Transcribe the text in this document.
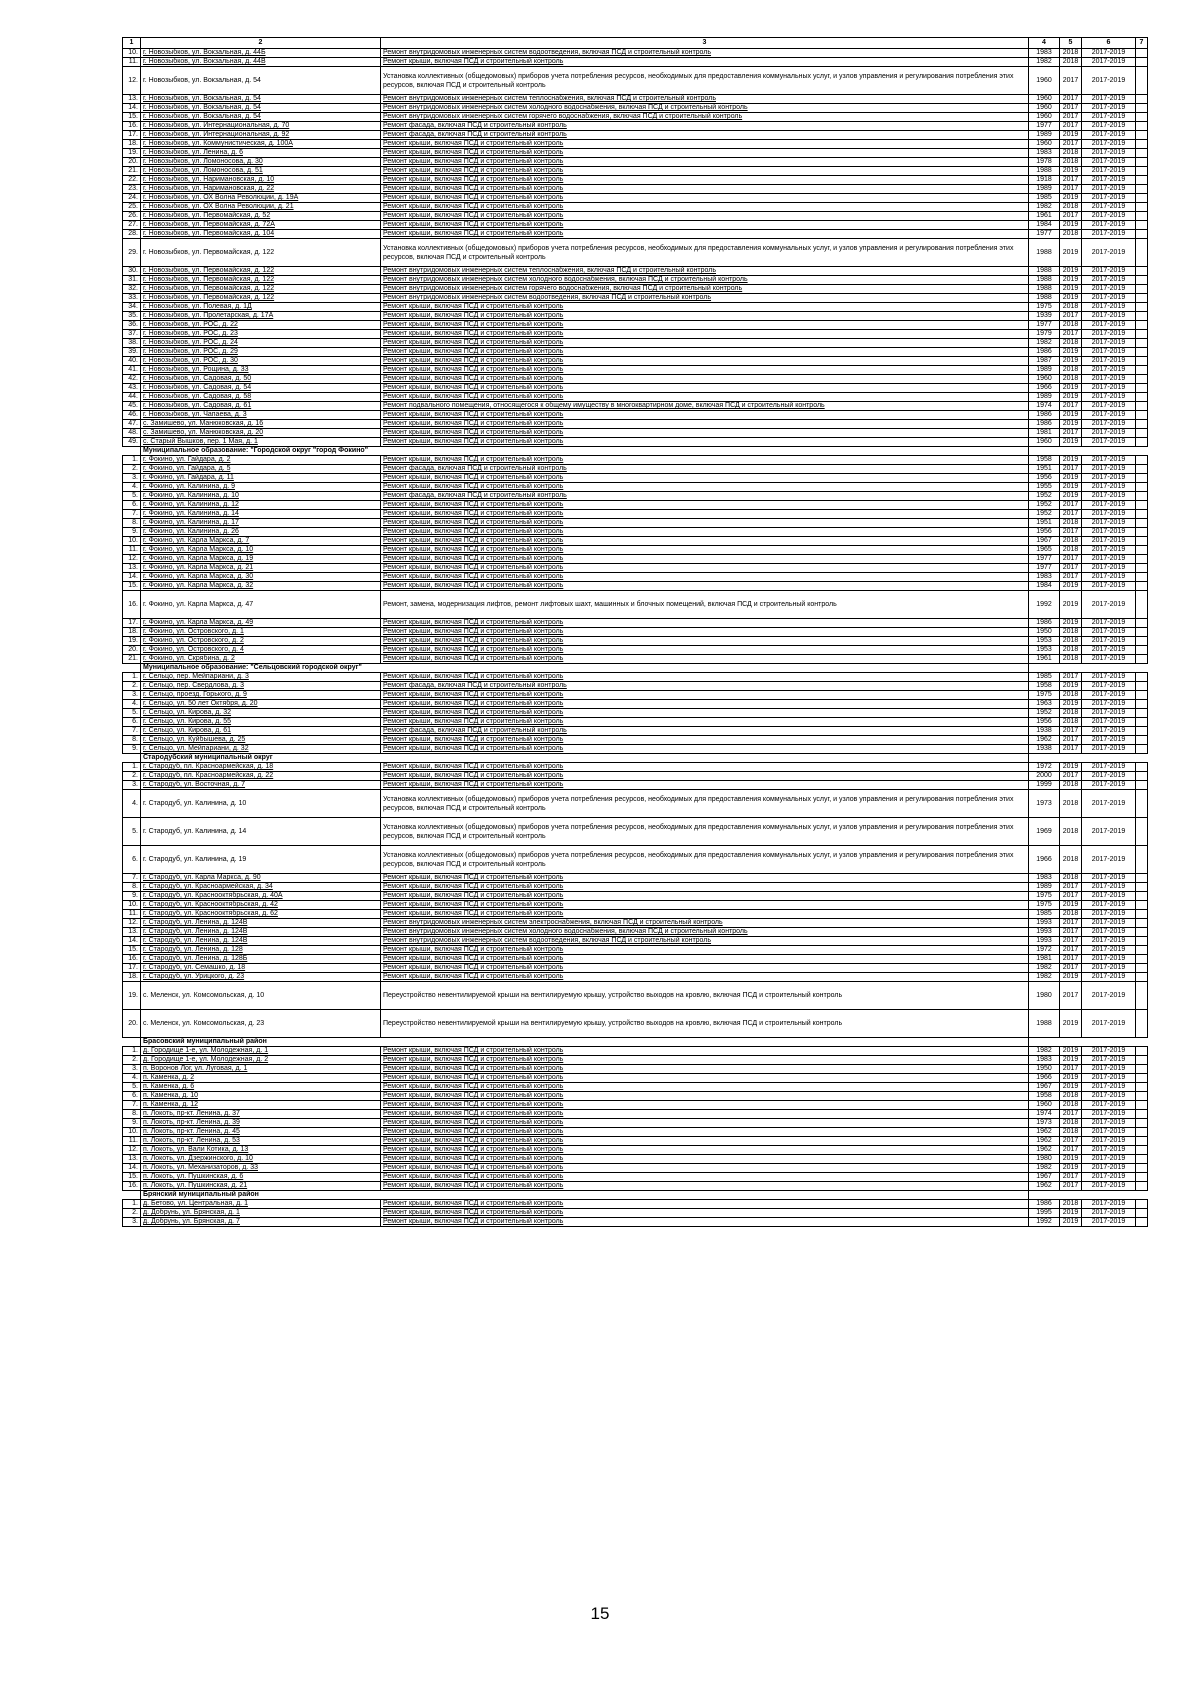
1	2	3	4	5	6	7
10.	г. Новозыбков, ул. Вокзальная, д. 44Б	Ремонт внутридомовых инженерных систем водоотведения, включая ПСД и строительный контроль	1983	2018	2017-2019	
11.	г. Новозыбков, ул. Вокзальная, д. 44В	Ремонт крыши, включая ПСД и строительный контроль	1982	2018	2017-2019	
12.	г. Новозыбков, ул. Вокзальная, д. 54	Установка коллективных (общедомовых) приборов учета потребления ресурсов, необходимых для предоставления коммунальных услуг, и узлов управления и регулирования потребления этих ресурсов, включая ПСД и строительный контроль	1960	2017	2017-2019	
13.	г. Новозыбков, ул. Вокзальная, д. 54	Ремонт внутридомовых инженерных систем теплоснабжения, включая ПСД и строительный контроль	1960	2017	2017-2019	
14.	г. Новозыбков, ул. Вокзальная, д. 54	Ремонт внутридомовых инженерных систем холодного водоснабжения, включая ПСД и строительный контроль	1960	2017	2017-2019	
15.	г. Новозыбков, ул. Вокзальная, д. 54	Ремонт внутридомовых инженерных систем горячего водоснабжения, включая ПСД и строительный контроль	1960	2017	2017-2019	
16.	г. Новозыбков, ул. Интернациональная, д. 70	Ремонт фасада, включая ПСД и строительный контроль	1977	2017	2017-2019	
17.	г. Новозыбков, ул. Интернациональная, д. 92	Ремонт фасада, включая ПСД и строительный контроль	1989	2019	2017-2019	
18.	г. Новозыбков, ул. Коммунистическая, д. 100А	Ремонт крыши, включая ПСД и строительный контроль	1960	2017	2017-2019	
19.	г. Новозыбков, ул. Ленина, д. 6	Ремонт крыши, включая ПСД и строительный контроль	1983	2018	2017-2019	
20.	г. Новозыбков, ул. Ломоносова, д. 30	Ремонт крыши, включая ПСД и строительный контроль	1978	2018	2017-2019	
21.	г. Новозыбков, ул. Ломоносова, д. 51	Ремонт крыши, включая ПСД и строительный контроль	1988	2019	2017-2019	
22.	г. Новозыбков, ул. Наримановская, д. 10	Ремонт крыши, включая ПСД и строительный контроль	1918	2017	2017-2019	
23.	г. Новозыбков, ул. Наримановская, д. 22	Ремонт крыши, включая ПСД и строительный контроль	1989	2017	2017-2019	
24.	г. Новозыбков, ул. ОХ Волна Революции, д. 19А	Ремонт крыши, включая ПСД и строительный контроль	1985	2019	2017-2019	
25.	г. Новозыбков, ул. ОХ Волна Революции, д. 21	Ремонт крыши, включая ПСД и строительный контроль	1982	2018	2017-2019	
26.	г. Новозыбков, ул. Первомайская, д. 52	Ремонт крыши, включая ПСД и строительный контроль	1961	2017	2017-2019	
27.	г. Новозыбков, ул. Первомайская, д. 72А	Ремонт крыши, включая ПСД и строительный контроль	1984	2019	2017-2019	
28.	г. Новозыбков, ул. Первомайская, д. 104	Ремонт крыши, включая ПСД и строительный контроль	1977	2018	2017-2019	
29.	г. Новозыбков, ул. Первомайская, д. 122	Установка коллективных (общедомовых) приборов учета потребления ресурсов, необходимых для предоставления коммунальных услуг, и узлов управления и регулирования потребления этих ресурсов, включая ПСД и строительный контроль	1988	2019	2017-2019	
30.	г. Новозыбков, ул. Первомайская, д. 122	Ремонт внутридомовых инженерных систем теплоснабжения, включая ПСД и строительный контроль	1988	2019	2017-2019	
31.	г. Новозыбков, ул. Первомайская, д. 122	Ремонт внутридомовых инженерных систем холодного водоснабжения, включая ПСД и строительный контроль	1988	2019	2017-2019	
32.	г. Новозыбков, ул. Первомайская, д. 122	Ремонт внутридомовых инженерных систем горячего водоснабжения, включая ПСД и строительный контроль	1988	2019	2017-2019	
33.	г. Новозыбков, ул. Первомайская, д. 122	Ремонт внутридомовых инженерных систем водоотведения, включая ПСД и строительный контроль	1988	2019	2017-2019	
34.	г. Новозыбков, ул. Полевая, д. 1Д	Ремонт крыши, включая ПСД и строительный контроль	1975	2018	2017-2019	
35.	г. Новозыбков, ул. Пролетарская, д. 17А	Ремонт крыши, включая ПСД и строительный контроль	1939	2017	2017-2019	
36.	г. Новозыбков, ул. РОС, д. 22	Ремонт крыши, включая ПСД и строительный контроль	1977	2018	2017-2019	
37.	г. Новозыбков, ул. РОС, д. 23	Ремонт крыши, включая ПСД и строительный контроль	1979	2017	2017-2019	
38.	г. Новозыбков, ул. РОС, д. 24	Ремонт крыши, включая ПСД и строительный контроль	1982	2018	2017-2019	
39.	г. Новозыбков, ул. РОС, д. 29	Ремонт крыши, включая ПСД и строительный контроль	1986	2019	2017-2019	
40.	г. Новозыбков, ул. РОС, д. 30	Ремонт крыши, включая ПСД и строительный контроль	1987	2019	2017-2019	
41.	г. Новозыбков, ул. Рощина, д. 33	Ремонт крыши, включая ПСД и строительный контроль	1989	2018	2017-2019	
42.	г. Новозыбков, ул. Садовая, д. 50	Ремонт крыши, включая ПСД и строительный контроль	1960	2018	2017-2019	
43.	г. Новозыбков, ул. Садовая, д. 54	Ремонт крыши, включая ПСД и строительный контроль	1966	2019	2017-2019	
44.	г. Новозыбков, ул. Садовая, д. 58	Ремонт крыши, включая ПСД и строительный контроль	1989	2019	2017-2019	
45.	г. Новозыбков, ул. Садовая, д. 61	Ремонт подвального помещения, относящегося к общему имуществу в многоквартирном доме, включая ПСД и строительный контроль	1974	2017	2017-2019	
46.	г. Новозыбков, ул. Чапаева, д. 3	Ремонт крыши, включая ПСД и строительный контроль	1986	2019	2017-2019	
47.	с. Замишево, ул. Манюковская, д. 16	Ремонт крыши, включая ПСД и строительный контроль	1986	2019	2017-2019	
48.	с. Замишево, ул. Манюковская, д. 20	Ремонт крыши, включая ПСД и строительный контроль	1981	2017	2017-2019	
49.	с. Старый Вышков, пер. 1 Мая, д. 1	Ремонт крыши, включая ПСД и строительный контроль	1960	2019	2017-2019	
	Муниципальное образование: "Городской округ "город Фокино"					
1.	г. Фокино, ул. Гайдара, д. 2	Ремонт крыши, включая ПСД и строительный контроль	1958	2019	2017-2019	
2.	г. Фокино, ул. Гайдара, д. 5	Ремонт фасада, включая ПСД и строительный контроль	1951	2017	2017-2019	
3.	г. Фокино, ул. Гайдара, д. 11	Ремонт крыши, включая ПСД и строительный контроль	1956	2019	2017-2019	
4.	г. Фокино, ул. Калинина, д. 9	Ремонт крыши, включая ПСД и строительный контроль	1955	2019	2017-2019	
5.	г. Фокино, ул. Калинина, д. 10	Ремонт фасада, включая ПСД и строительный контроль	1952	2019	2017-2019	
6.	г. Фокино, ул. Калинина, д. 12	Ремонт крыши, включая ПСД и строительный контроль	1952	2017	2017-2019	
7.	г. Фокино, ул. Калинина, д. 14	Ремонт крыши, включая ПСД и строительный контроль	1952	2017	2017-2019	
8.	г. Фокино, ул. Калинина, д. 17	Ремонт крыши, включая ПСД и строительный контроль	1951	2018	2017-2019	
9.	г. Фокино, ул. Калинина, д. 26	Ремонт крыши, включая ПСД и строительный контроль	1956	2017	2017-2019	
10.	г. Фокино, ул. Карла Маркса, д. 7	Ремонт крыши, включая ПСД и строительный контроль	1967	2018	2017-2019	
11.	г. Фокино, ул. Карла Маркса, д. 10	Ремонт крыши, включая ПСД и строительный контроль	1965	2018	2017-2019	
12.	г. Фокино, ул. Карла Маркса, д. 19	Ремонт крыши, включая ПСД и строительный контроль	1977	2017	2017-2019	
13.	г. Фокино, ул. Карла Маркса, д. 21	Ремонт крыши, включая ПСД и строительный контроль	1977	2017	2017-2019	
14.	г. Фокино, ул. Карла Маркса, д. 30	Ремонт крыши, включая ПСД и строительный контроль	1983	2017	2017-2019	
15.	г. Фокино, ул. Карла Маркса, д. 32	Ремонт крыши, включая ПСД и строительный контроль	1984	2019	2017-2019	
16.	г. Фокино, ул. Карла Маркса, д. 47	Ремонт, замена, модернизация лифтов, ремонт лифтовых шахт, машинных и блочных помещений, включая ПСД и строительный контроль	1992	2019	2017-2019	
17.	г. Фокино, ул. Карла Маркса, д. 49	Ремонт крыши, включая ПСД и строительный контроль	1986	2019	2017-2019	
18.	г. Фокино, ул. Островского, д. 1	Ремонт крыши, включая ПСД и строительный контроль	1950	2018	2017-2019	
19.	г. Фокино, ул. Островского, д. 2	Ремонт крыши, включая ПСД и строительный контроль	1953	2018	2017-2019	
20.	г. Фокино, ул. Островского, д. 4	Ремонт крыши, включая ПСД и строительный контроль	1953	2018	2017-2019	
21.	г. Фокино, ул. Скрябина, д. 2	Ремонт крыши, включая ПСД и строительный контроль	1961	2018	2017-2019	
	Муниципальное образование: "Сельцовский городской округ"					
1.	г. Сельцо, пер. Мейпариани, д. 3	Ремонт крыши, включая ПСД и строительный контроль	1985	2017	2017-2019	
2.	г. Сельцо, пер. Свердлова, д. 3	Ремонт фасада, включая ПСД и строительный контроль	1958	2019	2017-2019	
3.	г. Сельцо, проезд. Горького, д. 9	Ремонт крыши, включая ПСД и строительный контроль	1975	2018	2017-2019	
4.	г. Сельцо, ул. 50 лет Октября, д. 20	Ремонт крыши, включая ПСД и строительный контроль	1963	2019	2017-2019	
5.	г. Сельцо, ул. Кирова, д. 32	Ремонт крыши, включая ПСД и строительный контроль	1952	2018	2017-2019	
6.	г. Сельцо, ул. Кирова, д. 55	Ремонт крыши, включая ПСД и строительный контроль	1956	2018	2017-2019	
7.	г. Сельцо, ул. Кирова, д. 61	Ремонт фасада, включая ПСД и строительный контроль	1938	2017	2017-2019	
8.	г. Сельцо, ул. Куйбышева, д. 25	Ремонт крыши, включая ПСД и строительный контроль	1962	2017	2017-2019	
9.	г. Сельцо, ул. Мейпариани, д. 32	Ремонт крыши, включая ПСД и строительный контроль	1938	2017	2017-2019	
	Стародубский муниципальный округ					
1.	г. Стародуб, пл. Красноармейская, д. 18	Ремонт крыши, включая ПСД и строительный контроль	1972	2019	2017-2019	
2.	г. Стародуб, пл. Красноармейская, д. 22	Ремонт крыши, включая ПСД и строительный контроль	2000	2017	2017-2019	
3.	г. Стародуб, ул. Восточная, д. 7	Ремонт крыши, включая ПСД и строительный контроль	1999	2018	2017-2019	
4.	г. Стародуб, ул. Калинина, д. 10	Установка коллективных (общедомовых) приборов учета потребления ресурсов, необходимых для предоставления коммунальных услуг, и узлов управления и регулирования потребления этих ресурсов, включая ПСД и строительный контроль	1973	2018	2017-2019	
5.	г. Стародуб, ул. Калинина, д. 14	Установка коллективных (общедомовых) приборов учета потребления ресурсов, необходимых для предоставления коммунальных услуг, и узлов управления и регулирования потребления этих ресурсов, включая ПСД и строительный контроль	1969	2018	2017-2019	
6.	г. Стародуб, ул. Калинина, д. 19	Установка коллективных (общедомовых) приборов учета потребления ресурсов, необходимых для предоставления коммунальных услуг, и узлов управления и регулирования потребления этих ресурсов, включая ПСД и строительный контроль	1966	2018	2017-2019	
7.	г. Стародуб, ул. Карла Маркса, д. 90	Ремонт крыши, включая ПСД и строительный контроль	1983	2018	2017-2019	
8.	г. Стародуб, ул. Красноармейская, д. 34	Ремонт крыши, включая ПСД и строительный контроль	1989	2017	2017-2019	
9.	г. Стародуб, ул. Краснооктябрьская, д. 40А	Ремонт крыши, включая ПСД и строительный контроль	1975	2017	2017-2019	
10.	г. Стародуб, ул. Краснооктябрьская, д. 42	Ремонт крыши, включая ПСД и строительный контроль	1975	2019	2017-2019	
11.	г. Стародуб, ул. Краснооктябрьская, д. 62	Ремонт крыши, включая ПСД и строительный контроль	1985	2018	2017-2019	
12.	г. Стародуб, ул. Ленина, д. 124В	Ремонт внутридомовых инженерных систем электроснабжения, включая ПСД и строительный контроль	1993	2017	2017-2019	
13.	г. Стародуб, ул. Ленина, д. 124В	Ремонт внутридомовых инженерных систем холодного водоснабжения, включая ПСД и строительный контроль	1993	2017	2017-2019	
14.	г. Стародуб, ул. Ленина, д. 124В	Ремонт внутридомовых инженерных систем водоотведения, включая ПСД и строительный контроль	1993	2017	2017-2019	
15.	г. Стародуб, ул. Ленина, д. 128	Ремонт крыши, включая ПСД и строительный контроль	1972	2017	2017-2019	
16.	г. Стародуб, ул. Ленина, д. 128Б	Ремонт крыши, включая ПСД и строительный контроль	1981	2017	2017-2019	
17.	г. Стародуб, ул. Семашко, д. 18	Ремонт крыши, включая ПСД и строительный контроль	1982	2017	2017-2019	
18.	г. Стародуб, ул. Урицкого, д. 23	Ремонт крыши, включая ПСД и строительный контроль	1982	2019	2017-2019	
19.	с. Меленск, ул. Комсомольская, д. 10	Переустройство невентилируемой крыши на вентилируемую крышу, устройство выходов на кровлю, включая ПСД и строительный контроль	1980	2017	2017-2019	
20.	с. Меленск, ул. Комсомольская, д. 23	Переустройство невентилируемой крыши на вентилируемую крышу, устройство выходов на кровлю, включая ПСД и строительный контроль	1988	2019	2017-2019	
	Брасовский муниципальный район					
1.	д. Городище 1-е, ул. Молодежная, д. 1	Ремонт крыши, включая ПСД и строительный контроль	1982	2019	2017-2019	
2.	д. Городище 1-е, ул. Молодежная, д. 2	Ремонт крыши, включая ПСД и строительный контроль	1983	2019	2017-2019	
3.	п. Воронов Лог, ул. Луговая, д. 1	Ремонт крыши, включая ПСД и строительный контроль	1950	2017	2017-2019	
4.	п. Каменка, д. 2	Ремонт крыши, включая ПСД и строительный контроль	1966	2019	2017-2019	
5.	п. Каменка, д. 6	Ремонт крыши, включая ПСД и строительный контроль	1967	2019	2017-2019	
6.	п. Каменка, д. 10	Ремонт крыши, включая ПСД и строительный контроль	1958	2018	2017-2019	
7.	п. Каменка, д. 12	Ремонт крыши, включая ПСД и строительный контроль	1960	2018	2017-2019	
8.	п. Локоть, пр-кт. Ленина, д. 37	Ремонт крыши, включая ПСД и строительный контроль	1974	2017	2017-2019	
9.	п. Локоть, пр-кт. Ленина, д. 39	Ремонт крыши, включая ПСД и строительный контроль	1973	2018	2017-2019	
10.	п. Локоть, пр-кт. Ленина, д. 45	Ремонт крыши, включая ПСД и строительный контроль	1962	2018	2017-2019	
11.	п. Локоть, пр-кт. Ленина, д. 53	Ремонт крыши, включая ПСД и строительный контроль	1962	2017	2017-2019	
12.	п. Локоть, ул. Вали Котика, д. 13	Ремонт крыши, включая ПСД и строительный контроль	1962	2017	2017-2019	
13.	п. Локоть, ул. Дзержинского, д. 10	Ремонт крыши, включая ПСД и строительный контроль	1980	2019	2017-2019	
14.	п. Локоть, ул. Механизаторов, д. 33	Ремонт крыши, включая ПСД и строительный контроль	1982	2019	2017-2019	
15.	п. Локоть, ул. Пушкинская, д. 6	Ремонт крыши, включая ПСД и строительный контроль	1967	2017	2017-2019	
16.	п. Локоть, ул. Пушкинская, д. 21	Ремонт крыши, включая ПСД и строительный контроль	1962	2017	2017-2019	
	Брянский муниципальный район					
1.	д. Бетово, ул. Центральная, д. 1	Ремонт крыши, включая ПСД и строительный контроль	1986	2018	2017-2019	
2.	д. Добрунь, ул. Брянская, д. 1	Ремонт крыши, включая ПСД и строительный контроль	1995	2019	2017-2019	
3.	д. Добрунь, ул. Брянская, д. 7	Ремонт крыши, включая ПСД и строительный контроль	1992	2019	2017-2019	
15
